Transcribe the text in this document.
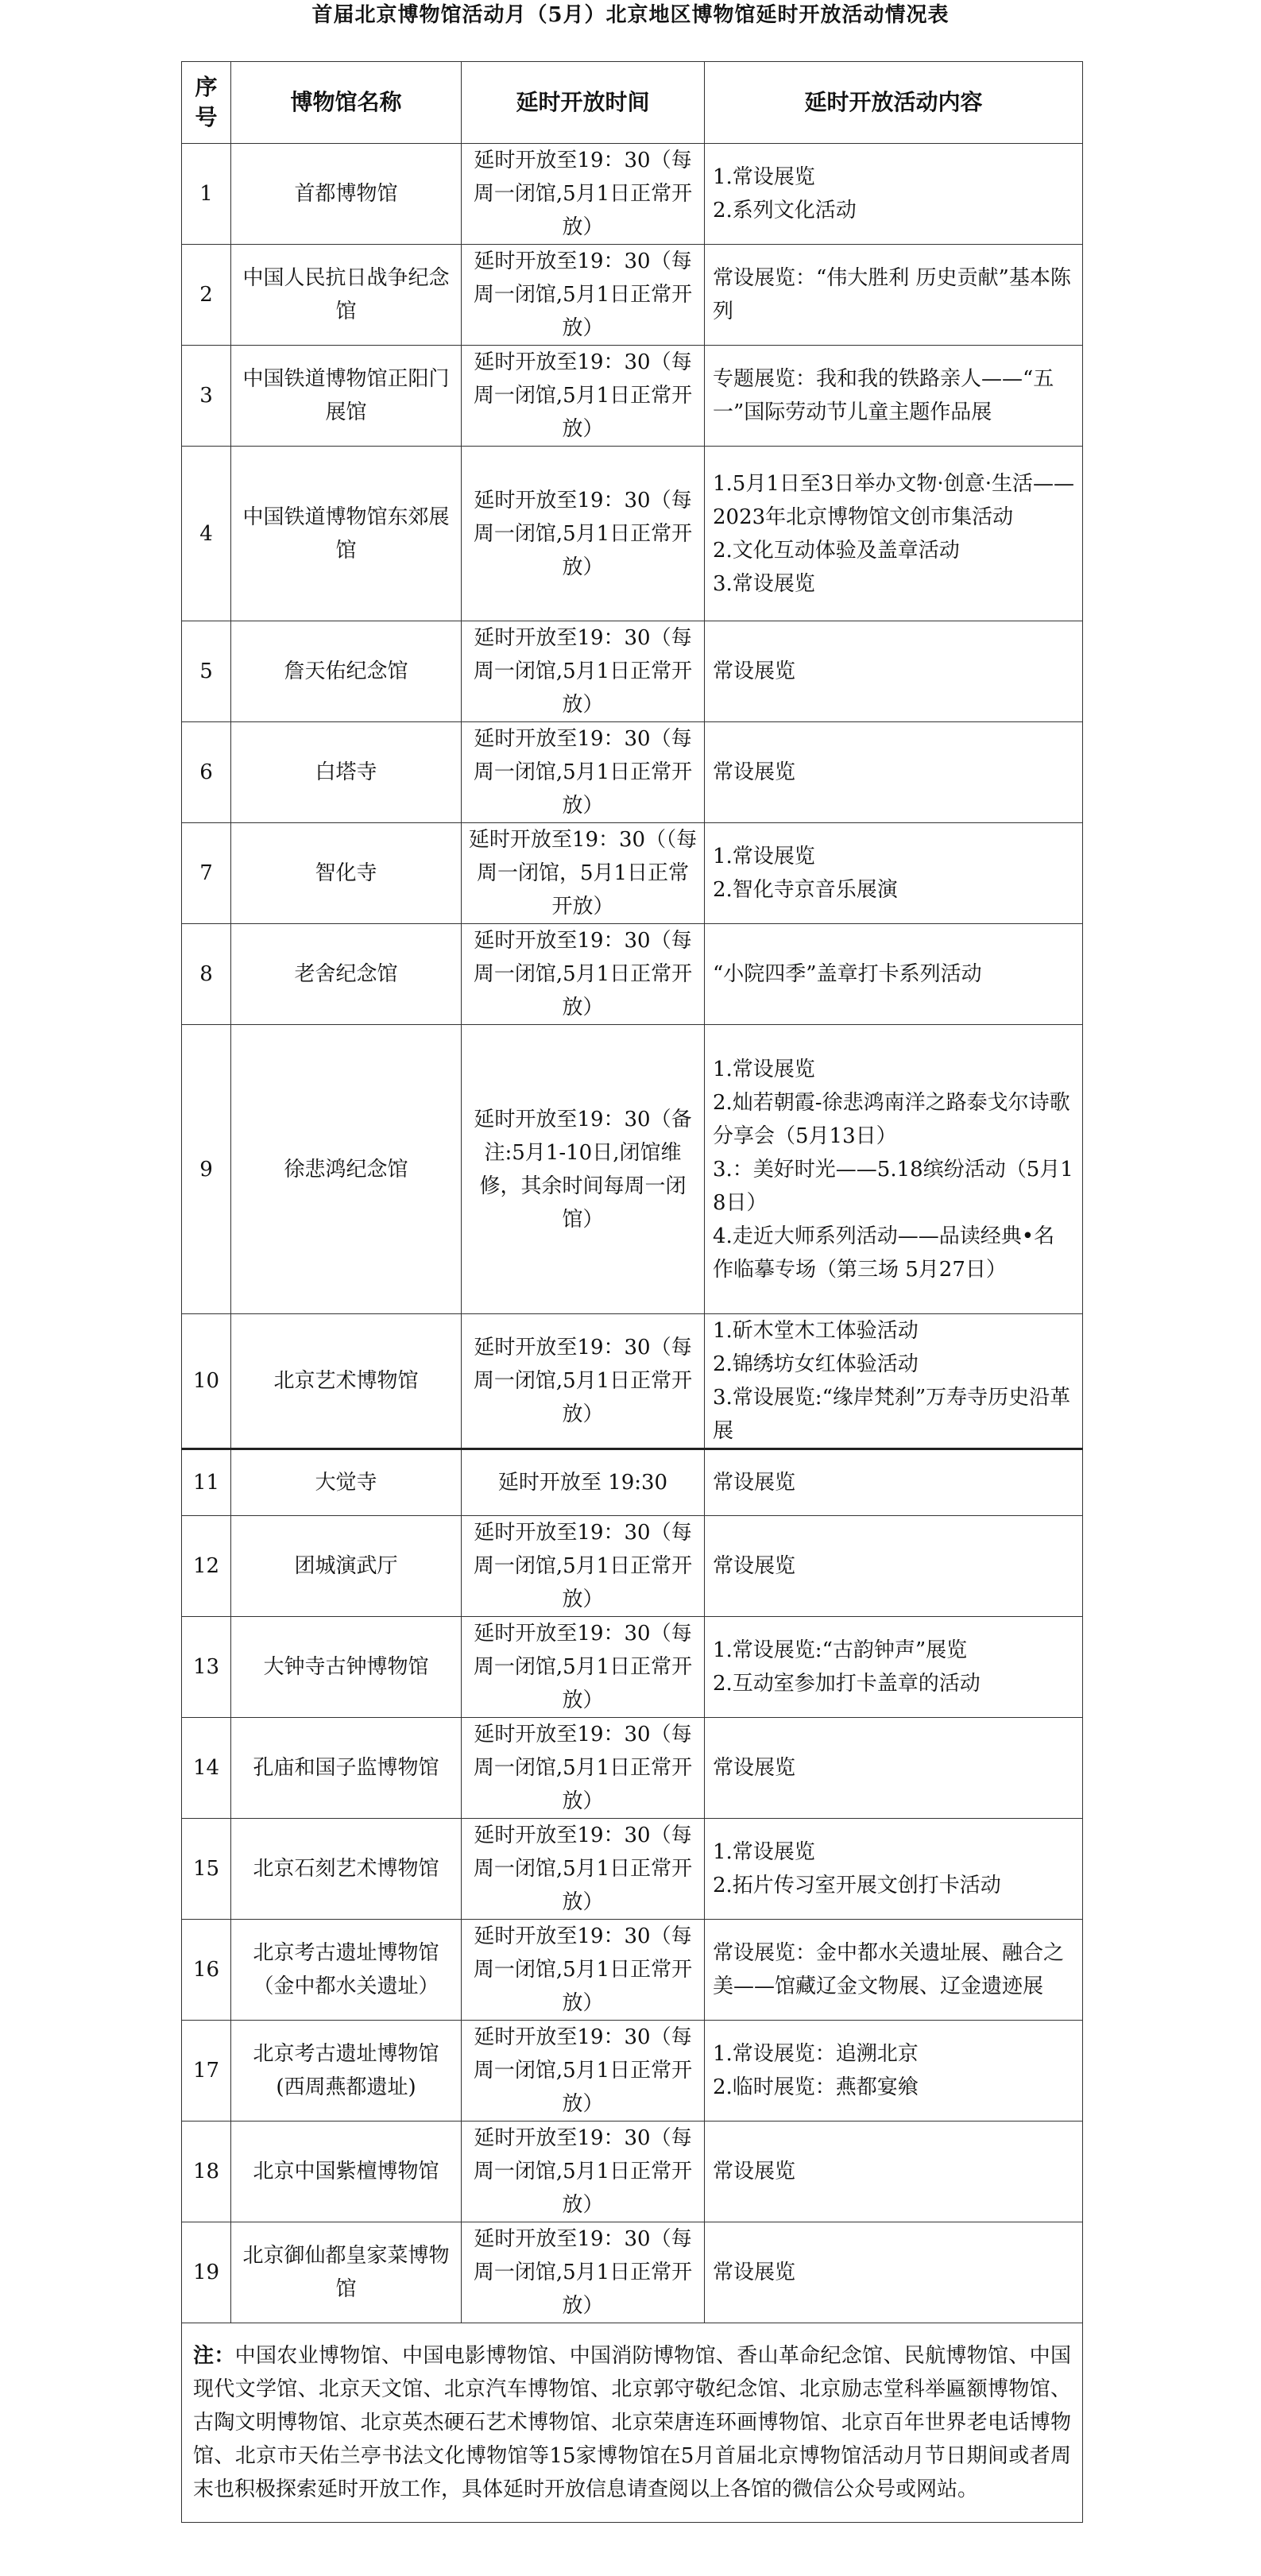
首届北京博物馆活动月（5月）北京地区博物馆延时开放活动情况表
序号	博物馆名称	延时开放时间	延时开放活动内容
1	首都博物馆	延时开放至19：30（每周一闭馆,5月1日正常开放）	1.常设展览
2.系列文化活动

2	中国人民抗日战争纪念馆	延时开放至19：30（每周一闭馆,5月1日正常开放）	常设展览：“伟大胜利 历史贡献”基本陈列

3	中国铁道博物馆正阳门展馆	延时开放至19：30（每周一闭馆,5月1日正常开放）	专题展览：我和我的铁路亲人——“五一”国际劳动节儿童主题作品展

4	中国铁道博物馆东郊展馆	延时开放至19：30（每周一闭馆,5月1日正常开放）	1.5月1日至3日举办文物·创意·生活——2023年北京博物馆文创市集活动
2.文化互动体验及盖章活动
3.常设展览

5	詹天佑纪念馆	延时开放至19：30（每周一闭馆,5月1日正常开放）	常设展览

6	白塔寺	延时开放至19：30（每周一闭馆,5月1日正常开放）	常设展览

7	智化寺	延时开放至19：30（（每周一闭馆，5月1日正常开放）	1.常设展览
2.智化寺京音乐展演

8	老舍纪念馆	延时开放至19：30（每周一闭馆,5月1日正常开放）	“小院四季”盖章打卡系列活动

9	徐悲鸿纪念馆	延时开放至19：30（备注:5月1-10日,闭馆维修，其余时间每周一闭馆）	1.常设展览
2.灿若朝霞-徐悲鸿南洋之路泰戈尔诗歌分享会（5月13日）
3.：美好时光——5.18缤纷活动（5月18日）
4.走近大师系列活动——品读经典•名作临摹专场（第三场 5月27日）

10	北京艺术博物馆	延时开放至19：30（每周一闭馆,5月1日正常开放）	1.斫木堂木工体验活动
2.锦绣坊女红体验活动
3.常设展览:“缘岸梵刹”万寿寺历史沿革展

11	大觉寺	延时开放至 19:30	常设展览

12	团城演武厅	延时开放至19：30（每周一闭馆,5月1日正常开放）	常设展览

13	大钟寺古钟博物馆	延时开放至19：30（每周一闭馆,5月1日正常开放）	1.常设展览:“古韵钟声”展览
2.互动室参加打卡盖章的活动

14	孔庙和国子监博物馆	延时开放至19：30（每周一闭馆,5月1日正常开放）	常设展览

15	北京石刻艺术博物馆	延时开放至19：30（每周一闭馆,5月1日正常开放）	1.常设展览
2.拓片传习室开展文创打卡活动

16	北京考古遗址博物馆（金中都水关遗址）	延时开放至19：30（每周一闭馆,5月1日正常开放）	常设展览：金中都水关遗址展、融合之美——馆藏辽金文物展、辽金遗迹展

17	北京考古遗址博物馆(西周燕都遗址)	延时开放至19：30（每周一闭馆,5月1日正常开放）	1.常设展览：追溯北京
2.临时展览：燕都宴飨

18	北京中国紫檀博物馆	延时开放至19：30（每周一闭馆,5月1日正常开放）	常设展览

19	北京御仙都皇家菜博物馆	延时开放至19：30（每周一闭馆,5月1日正常开放）	常设展览

注：中国农业博物馆、中国电影博物馆、中国消防博物馆、香山革命纪念馆、民航博物馆、中国现代文学馆、北京天文馆、北京汽车博物馆、北京郭守敬纪念馆、北京励志堂科举匾额博物馆、古陶文明博物馆、北京英杰硬石艺术博物馆、北京荣唐连环画博物馆、北京百年世界老电话博物馆、北京市天佑兰亭书法文化博物馆等15家博物馆在5月首届北京博物馆活动月节日期间或者周末也积极探索延时开放工作，具体延时开放信息请查阅以上各馆的微信公众号或网站。			
